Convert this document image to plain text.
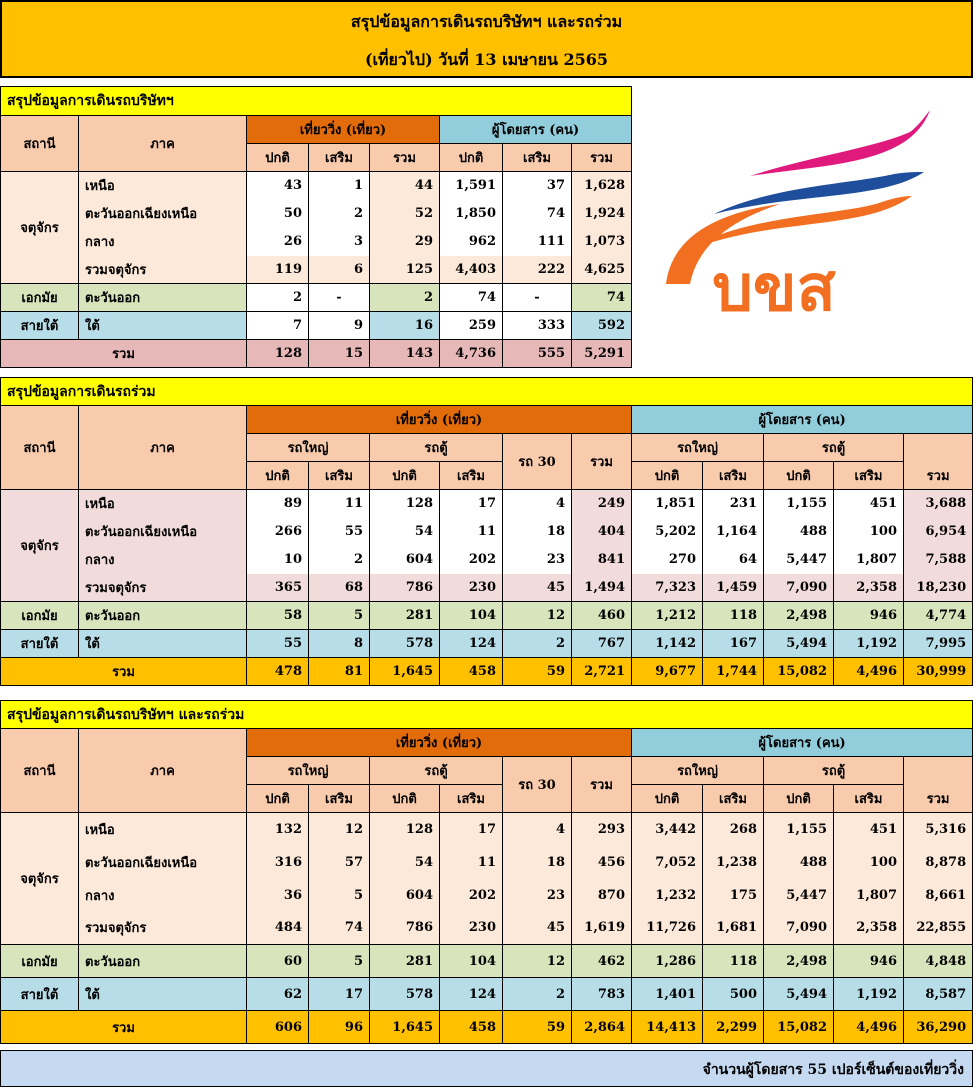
สรุปข้อมูลการเดินรถบริษัทฯ และรถร่วม
(เที่ยวไป) วันที่ 13 เมษายน 2565
สรุปข้อมูลการเดินรถบริษัทฯ							
สถานี	ภาค	เที่ยววิ่ง (เที่ยว)			ผู้โดยสาร (คน)		
		ปกติ	เสริม	รวม	ปกติ	เสริม	รวม
จตุจักร	เหนือ	43	1	44	1,591	37	1,628
	ตะวันออกเฉียงเหนือ	50	2	52	1,850	74	1,924
	กลาง	26	3	29	962	111	1,073
	รวมจตุจักร	119	6	125	4,403	222	4,625
เอกมัย	ตะวันออก	2	-	2	74	-	74
สายใต้	ใต้	7	9	16	259	333	592
รวม		128	15	143	4,736	555	5,291
บขส
สรุปข้อมูลการเดินรถร่วม												
สถานี	ภาค	เที่ยววิ่ง (เที่ยว)						ผู้โดยสาร (คน)				
		รถใหญ่		รถตู้		รถ 30	รวม	รถใหญ่		รถตู้		
		ปกติ	เสริม	ปกติ	เสริม			ปกติ	เสริม	ปกติ	เสริม	รวม
จตุจักร	เหนือ	89	11	128	17	4	249	1,851	231	1,155	451	3,688
	ตะวันออกเฉียงเหนือ	266	55	54	11	18	404	5,202	1,164	488	100	6,954
	กลาง	10	2	604	202	23	841	270	64	5,447	1,807	7,588
	รวมจตุจักร	365	68	786	230	45	1,494	7,323	1,459	7,090	2,358	18,230
เอกมัย	ตะวันออก	58	5	281	104	12	460	1,212	118	2,498	946	4,774
สายใต้	ใต้	55	8	578	124	2	767	1,142	167	5,494	1,192	7,995
รวม		478	81	1,645	458	59	2,721	9,677	1,744	15,082	4,496	30,999
สรุปข้อมูลการเดินรถบริษัทฯ และรถร่วม												
สถานี	ภาค	เที่ยววิ่ง (เที่ยว)						ผู้โดยสาร (คน)				
		รถใหญ่		รถตู้		รถ 30	รวม	รถใหญ่		รถตู้		
		ปกติ	เสริม	ปกติ	เสริม			ปกติ	เสริม	ปกติ	เสริม	รวม
จตุจักร	เหนือ	132	12	128	17	4	293	3,442	268	1,155	451	5,316
	ตะวันออกเฉียงเหนือ	316	57	54	11	18	456	7,052	1,238	488	100	8,878
	กลาง	36	5	604	202	23	870	1,232	175	5,447	1,807	8,661
	รวมจตุจักร	484	74	786	230	45	1,619	11,726	1,681	7,090	2,358	22,855
เอกมัย	ตะวันออก	60	5	281	104	12	462	1,286	118	2,498	946	4,848
สายใต้	ใต้	62	17	578	124	2	783	1,401	500	5,494	1,192	8,587
รวม		606	96	1,645	458	59	2,864	14,413	2,299	15,082	4,496	36,290
จำนวนผู้โดยสาร 55 เปอร์เซ็นต์ของเที่ยววิ่ง
